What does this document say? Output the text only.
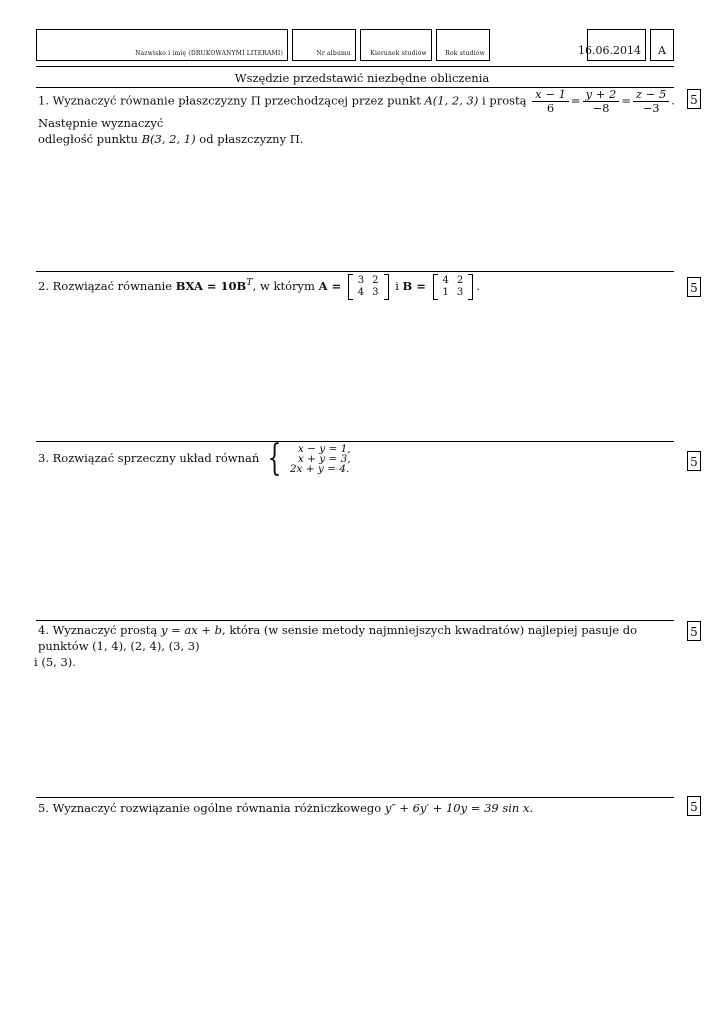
Nazwisko i imię (DRUKOWANYMI LITERAMI)	Nr albumu	Kierunek studiów	Rok studiów	16.06.2014 A
Wszędzie przedstawić niezbędne obliczenia
5
1. Wyznaczyć równanie płaszczyzny Π przechodzącej przez punkt A(1, 2, 3) i prostą $\frac{x - 1}{6} = \frac{y + 2}{-8} = \frac{z - 5}{-3}$ . Następnie wyznaczyć
odległość punktu B(3, 2, 1) od płaszczyzny Π.
5
2. Rozwiązać równanie BXA = $10B^T$, w którym A = 3	2
4	3 i B = 4	2
1	3 .
5
3. Rozwiązać sprzeczny układ równań {	x − y = 1,
x + y = 3,
2x + y = 4.
5
4. Wyznaczyć prostą y = ax + b, która (w sensie metody najmniejszych kwadratów) najlepiej pasuje do punktów (1, 4), (2, 4), (3, 3)
i (5, 3).
5
5. Wyznaczyć rozwiązanie ogólne równania różniczkowego y″ + 6y′ + 10y = 39 sin x.
